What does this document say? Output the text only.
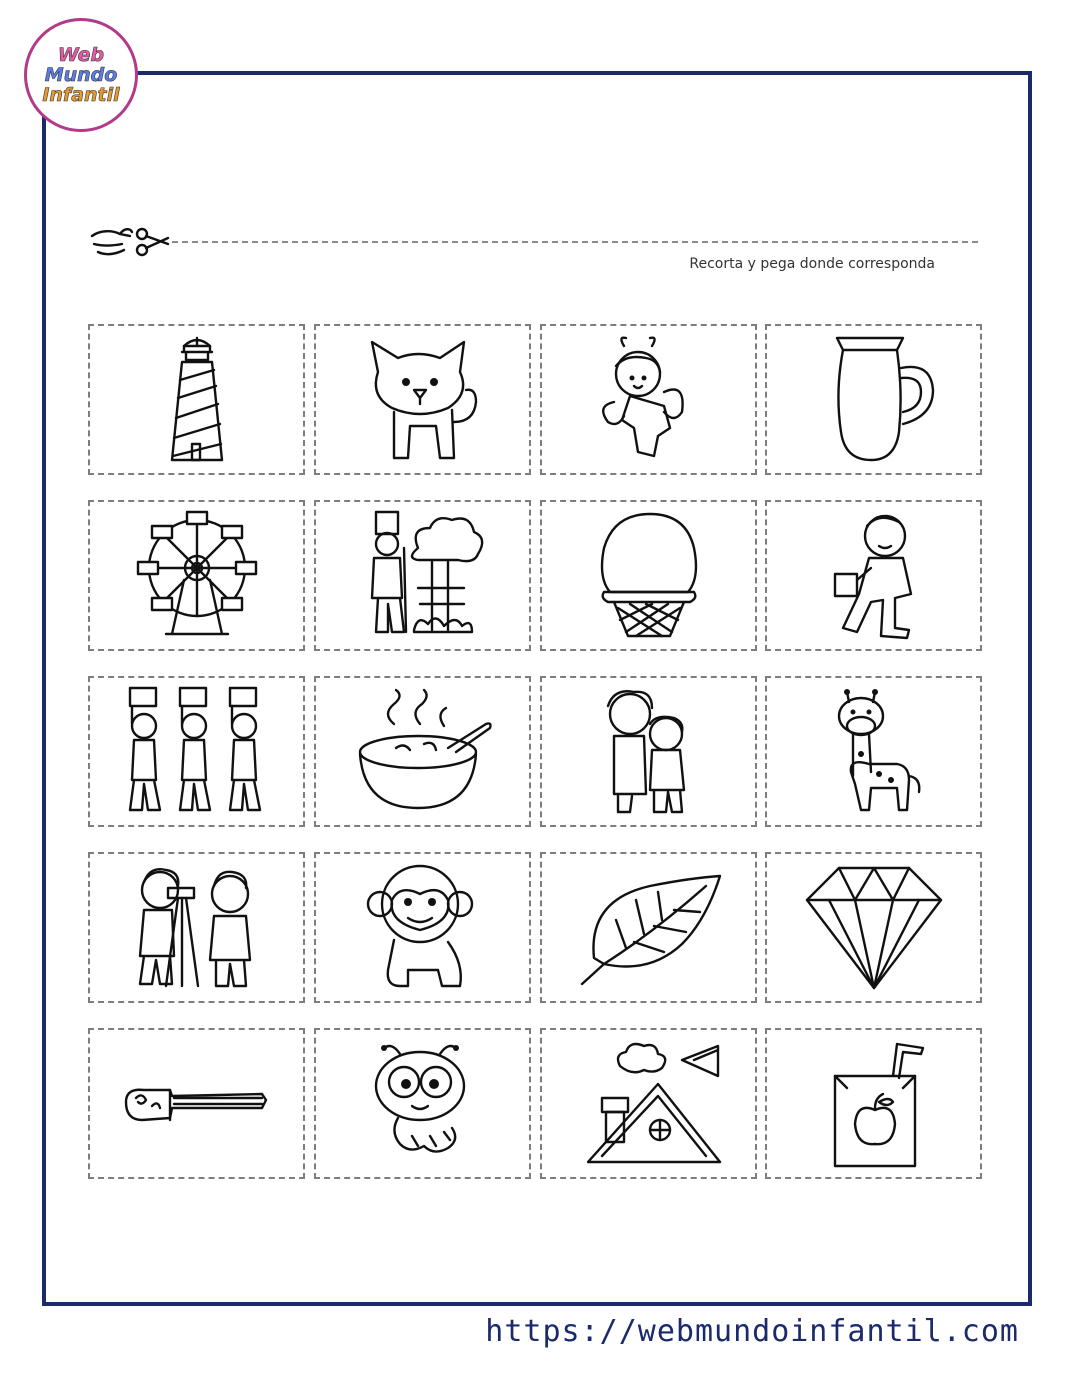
Web
Mundo
Infantil
Recorta y pega donde corresponda
https://webmundoinfantil.com
